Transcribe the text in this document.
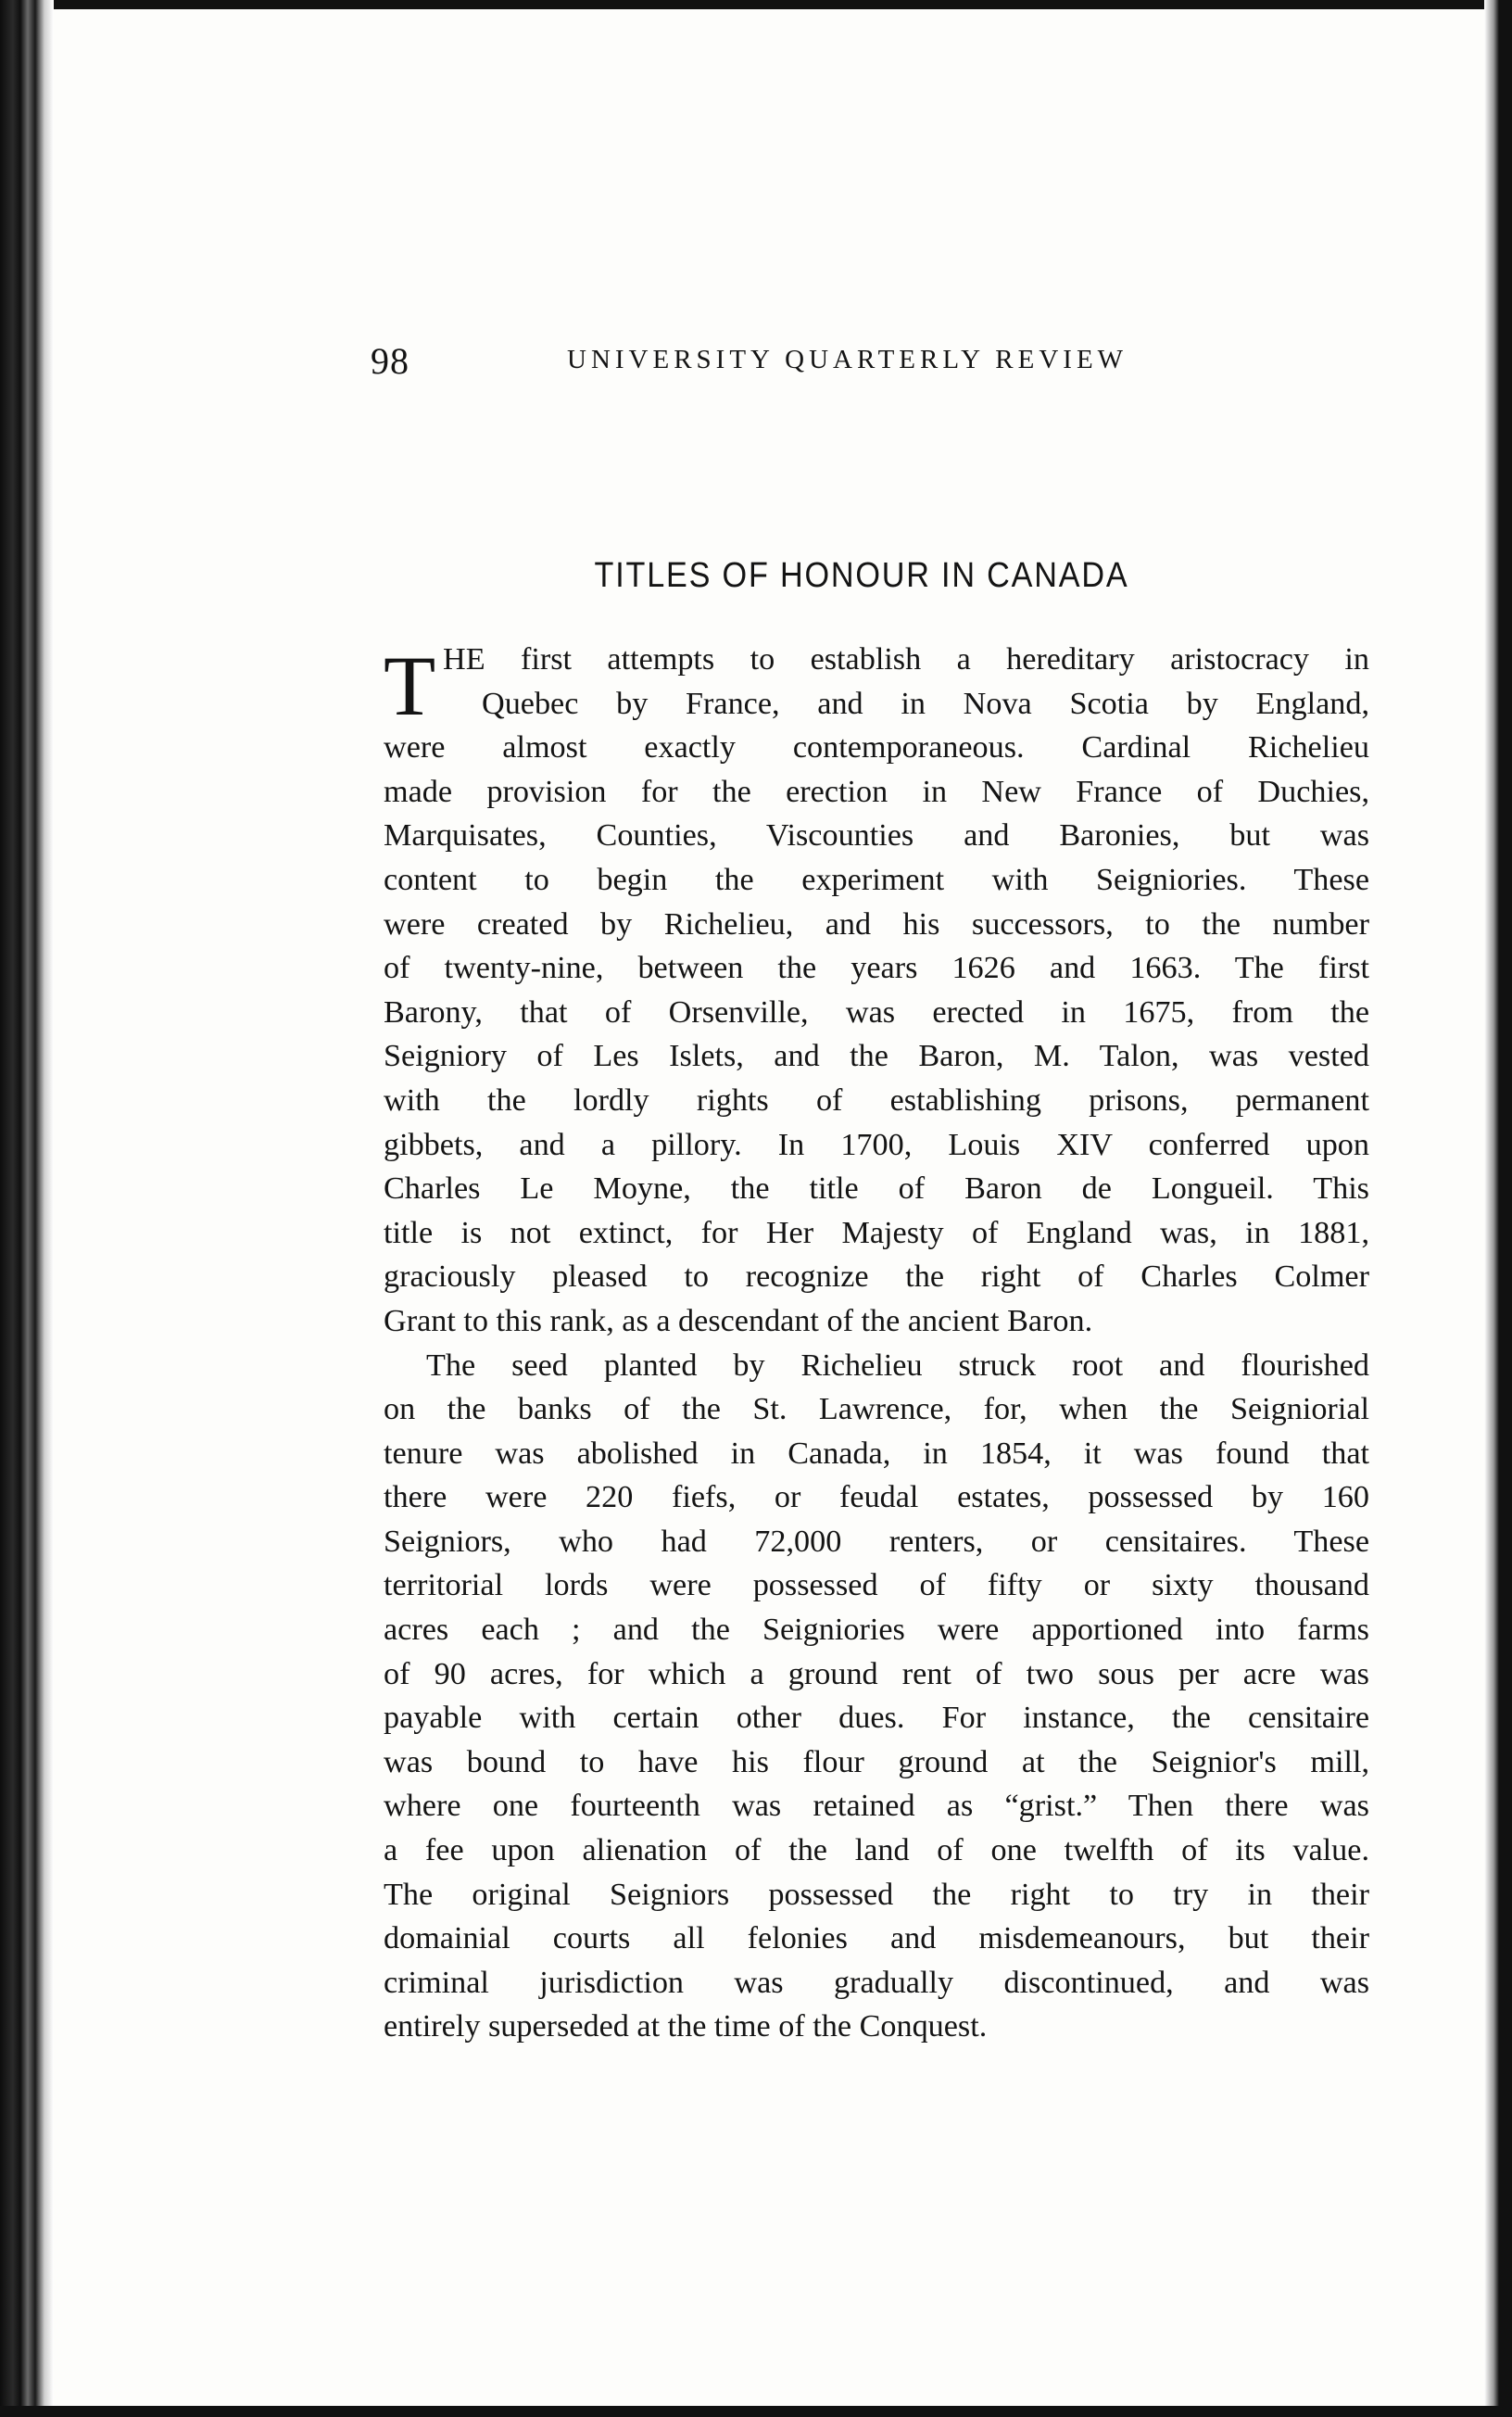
98	UNIVERSITY QUARTERLY REVIEW
TITLES OF HONOUR IN CANADA
T HE first attempts to establish a hereditary aristocracy in
Quebec by France, and in Nova Scotia by England,
were almost exactly contemporaneous. Cardinal Richelieu
made provision for the erection in New France of Duchies,
Marquisates, Counties, Viscounties and Baronies, but was
content to begin the experiment with Seigniories. These
were created by Richelieu, and his successors, to the number
of twenty-nine, between the years 1626 and 1663. The first
Barony, that of Orsenville, was erected in 1675, from the
Seigniory of Les Islets, and the Baron, M. Talon, was vested
with the lordly rights of establishing prisons, permanent
gibbets, and a pillory. In 1700, Louis XIV conferred upon
Charles Le Moyne, the title of Baron de Longueil. This
title is not extinct, for Her Majesty of England was, in 1881,
graciously pleased to recognize the right of Charles Colmer
Grant to this rank, as a descendant of the ancient Baron.
The seed planted by Richelieu struck root and flourished
on the banks of the St. Lawrence, for, when the Seigniorial
tenure was abolished in Canada, in 1854, it was found that
there were 220 fiefs, or feudal estates, possessed by 160
Seigniors, who had 72,000 renters, or censitaires. These
territorial lords were possessed of fifty or sixty thousand
acres each ; and the Seigniories were apportioned into farms
of 90 acres, for which a ground rent of two sous per acre was
payable with certain other dues. For instance, the censitaire
was bound to have his flour ground at the Seignior's mill,
where one fourteenth was retained as “grist.” Then there was
a fee upon alienation of the land of one twelfth of its value.
The original Seigniors possessed the right to try in their
domainial courts all felonies and misdemeanours, but their
criminal jurisdiction was gradually discontinued, and was
entirely superseded at the time of the Conquest.
